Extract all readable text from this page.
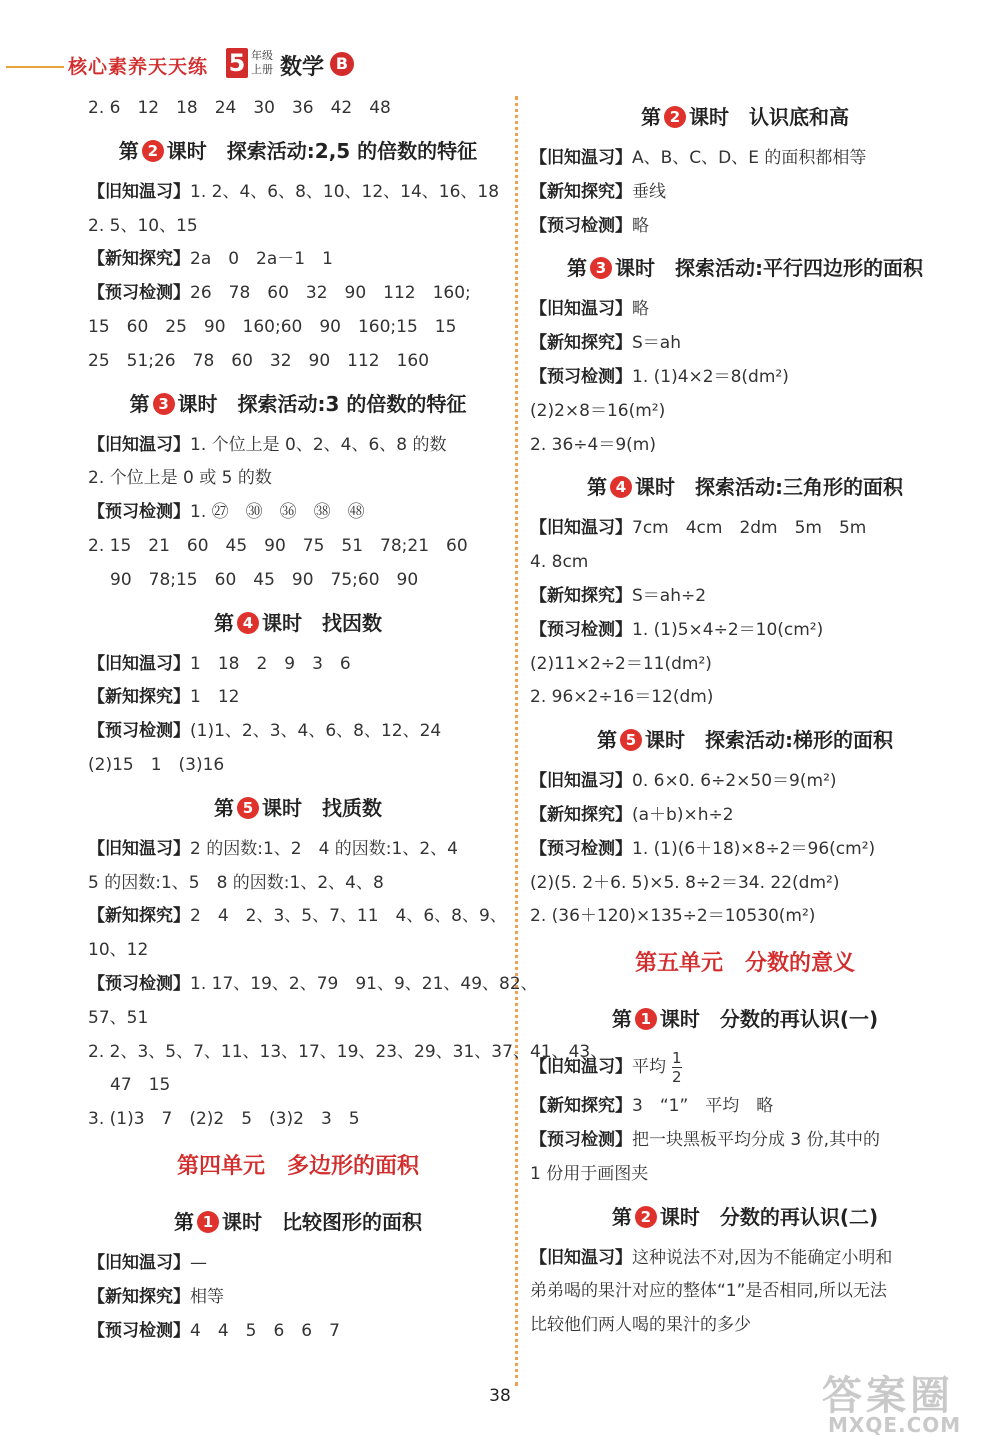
核心素养天天练 5 年级
上册 数学 B
2. 6　12　18　24　30　36　42　48
第 2 课时　探索活动:2,5 的倍数的特征
【旧知温习】1. 2、4、6、8、10、12、14、16、18
2. 5、10、15
【新知探究】2a　0　2a－1　1
【预习检测】26　78　60　32　90　112　160;
15　60　25　90　160;60　90　160;15　15
25　51;26　78　60　32　90　112　160
第 3 课时　探索活动:3 的倍数的特征
【旧知温习】1. 个位上是 0、2、4、6、8 的数
2. 个位上是 0 或 5 的数
【预习检测】1. ㉗　㉚　㊱　㊳　㊽
2. 15　21　60　45　90　75　51　78;21　60
90　78;15　60　45　90　75;60　90
第 4 课时　找因数
【旧知温习】1　18　2　9　3　6
【新知探究】1　12
【预习检测】(1)1、2、3、4、6、8、12、24
(2)15　1　(3)16
第 5 课时　找质数
【旧知温习】2 的因数:1、2　4 的因数:1、2、4
5 的因数:1、5　8 的因数:1、2、4、8
【新知探究】2　4　2、3、5、7、11　4、6、8、9、
10、12
【预习检测】1. 17、19、2、79　91、9、21、49、82、
57、51
2. 2、3、5、7、11、13、17、19、23、29、31、37、41、43、
47　15
3. (1)3　7　(2)2　5　(3)2　3　5
第四单元　多边形的面积
第 1 课时　比较图形的面积
【旧知温习】—
【新知探究】相等
【预习检测】4　4　5　6　6　7
第 2 课时　认识底和高
【旧知温习】A、B、C、D、E 的面积都相等
【新知探究】垂线
【预习检测】略
第 3 课时　探索活动:平行四边形的面积
【旧知温习】略
【新知探究】S＝ah
【预习检测】1. (1)4×2＝8(dm²)
(2)2×8＝16(m²)
2. 36÷4＝9(m)
第 4 课时　探索活动:三角形的面积
【旧知温习】7cm　4cm　2dm　5m　5m
4. 8cm
【新知探究】S＝ah÷2
【预习检测】1. (1)5×4÷2＝10(cm²)
(2)11×2÷2＝11(dm²)
2. 96×2÷16＝12(dm)
第 5 课时　探索活动:梯形的面积
【旧知温习】0. 6×0. 6÷2×50＝9(m²)
【新知探究】(a＋b)×h÷2
【预习检测】1. (1)(6＋18)×8÷2＝96(cm²)
(2)(5. 2＋6. 5)×5. 8÷2＝34. 22(dm²)
2. (36＋120)×135÷2＝10530(m²)
第五单元　分数的意义
第 1 课时　分数的再认识(一)
【旧知温习】平均 $\frac{1}{2}$
【新知探究】3　“1”　平均　略
【预习检测】把一块黑板平均分成 3 份,其中的
1 份用于画图夹
第 2 课时　分数的再认识(二)
【旧知温习】这种说法不对,因为不能确定小明和
弟弟喝的果汁对应的整体“1”是否相同,所以无法
比较他们两人喝的果汁的多少
38	答案圈
MXQE.COM
